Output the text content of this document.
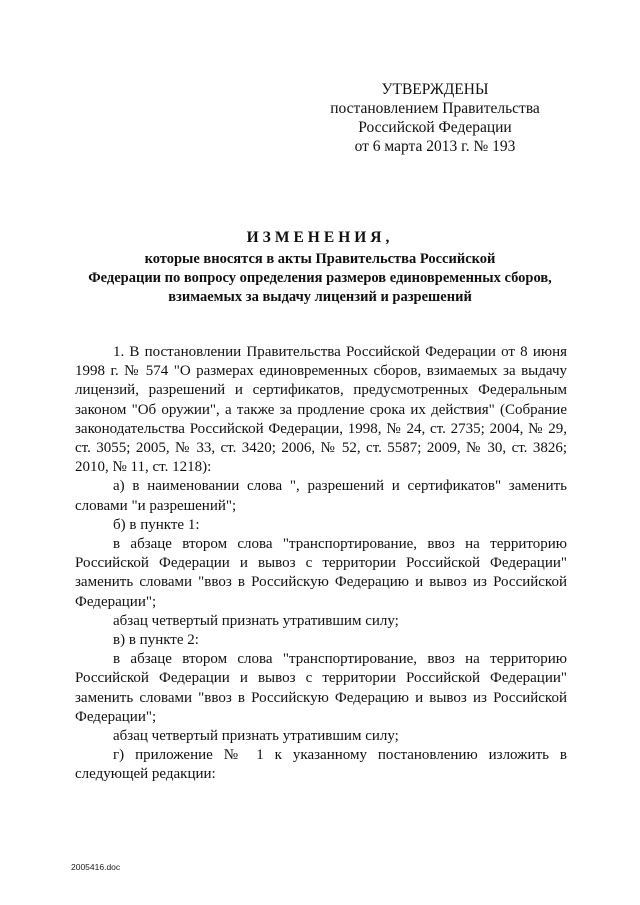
УТВЕРЖДЕНЫ
постановлением Правительства
Российской Федерации
от 6 марта 2013 г. № 193
ИЗМЕНЕНИЯ,
которые вносятся в акты Правительства Российской
Федерации по вопросу определения размеров единовременных сборов,
взимаемых за выдачу лицензий и разрешений
1. В постановлении Правительства Российской Федерации от 8 июня 1998 г. № 574 "О размерах единовременных сборов, взимаемых за выдачу лицензий, разрешений и сертификатов, предусмотренных Федеральным законом "Об оружии", а также за продление срока их действия" (Собрание законодательства Российской Федерации, 1998, № 24, ст. 2735; 2004, № 29, ст. 3055; 2005, № 33, ст. 3420; 2006, № 52, ст. 5587; 2009, № 30, ст. 3826; 2010, № 11, ст. 1218):
а) в наименовании слова ", разрешений и сертификатов" заменить словами "и разрешений";
б) в пункте 1:
в абзаце втором слова "транспортирование, ввоз на территорию Российской Федерации и вывоз с территории Российской Федерации" заменить словами "ввоз в Российскую Федерацию и вывоз из Российской Федерации";
абзац четвертый признать утратившим силу;
в) в пункте 2:
в абзаце втором слова "транспортирование, ввоз на территорию Российской Федерации и вывоз с территории Российской Федерации" заменить словами "ввоз в Российскую Федерацию и вывоз из Российской Федерации";
абзац четвертый признать утратившим силу;
г) приложение № 1 к указанному постановлению изложить в следующей редакции:
2005416.doc
